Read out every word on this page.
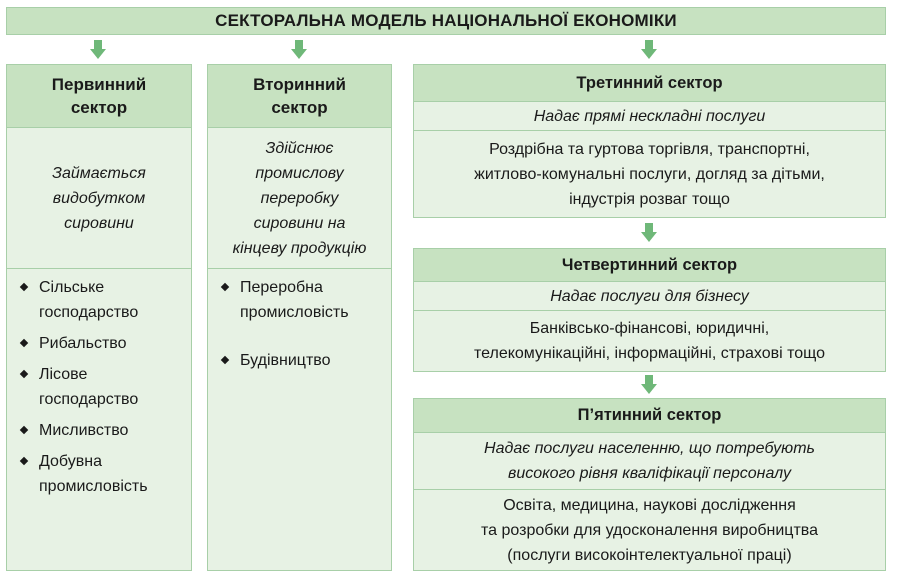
СЕКТОРАЛЬНА МОДЕЛЬ НАЦІОНАЛЬНОЇ ЕКОНОМІКИ
Первинний
сектор
Займається
видобутком
сировини
Сільське
господарство
Рибальство
Лісове
господарство
Мисливство
Добувна
промисловість
Вторинний
сектор
Здійснює
промислову
переробку
сировини на
кінцеву продукцію
Переробна
промисловість
Будівництво
Третинний сектор
Надає прямі нескладні послуги
Роздрібна та гуртова торгівля, транспортні,
житлово-комунальні послуги, догляд за дітьми,
індустрія розваг тощо
Четвертинний сектор
Надає послуги для бізнесу
Банківсько-фінансові, юридичні,
телекомунікаційні, інформаційні, страхові тощо
П’ятинний сектор
Надає послуги населенню, що потребують
високого рівня кваліфікації персоналу
Освіта, медицина, наукові дослідження
та розробки для удосконалення виробництва
(послуги високоінтелектуальної праці)
